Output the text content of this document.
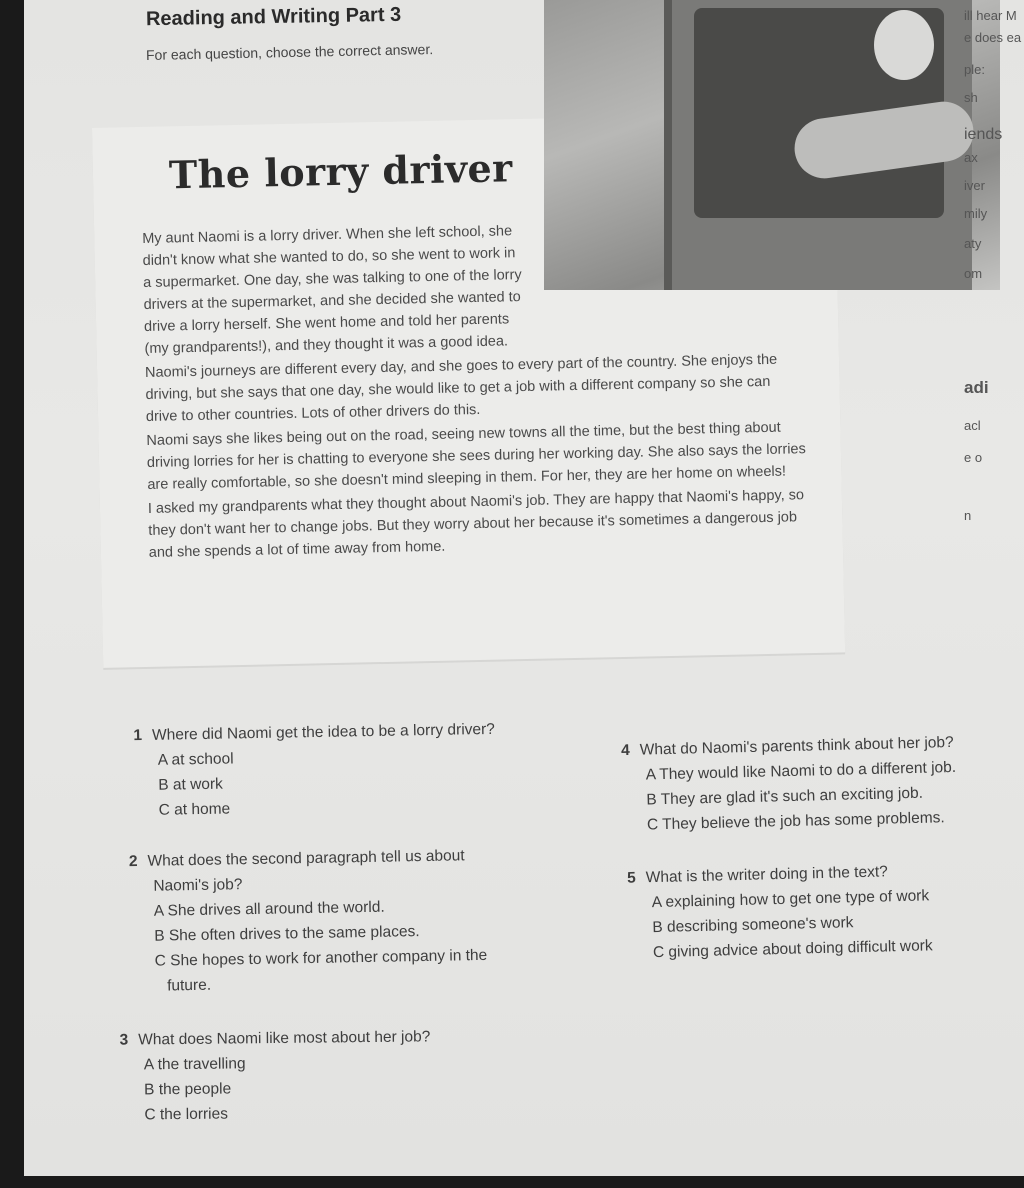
Reading and Writing Part 3
For each question, choose the correct answer.
The lorry driver
ill hear M
e does ea
ple:
sh
iends
ax
iver
mily
aty
om
adi
acl
e o
n

My aunt Naomi is a lorry driver. When she left school, she didn't know what she wanted to do, so she went to work in a supermarket. One day, she was talking to one of the lorry drivers at the supermarket, and she decided she wanted to drive a lorry herself. She went home and told her parents (my grandparents!), and they thought it was a good idea.

Naomi's journeys are different every day, and she goes to every part of the country. She enjoys the driving, but she says that one day, she would like to get a job with a different company so she can drive to other countries. Lots of other drivers do this.

Naomi says she likes being out on the road, seeing new towns all the time, but the best thing about driving lorries for her is chatting to everyone she sees during her working day. She also says the lorries are really comfortable, so she doesn't mind sleeping in them. For her, they are her home on wheels!

I asked my grandparents what they thought about Naomi's job. They are happy that Naomi's happy, so they don't want her to change jobs. But they worry about her because it's sometimes a dangerous job and she spends a lot of time away from home.

1 Where did Naomi get the idea to be a lorry driver?

A at school
B at work
C at home

2 What does the second paragraph tell us about

Naomi's job?
A She drives all around the world.
B She often drives to the same places.
C She hopes to work for another company in the
future.

3 What does Naomi like most about her job?

A the travelling
B the people
C the lorries

4 What do Naomi's parents think about her job?

A They would like Naomi to do a different job.
B They are glad it's such an exciting job.
C They believe the job has some problems.

5 What is the writer doing in the text?

A explaining how to get one type of work
B describing someone's work
C giving advice about doing difficult work
